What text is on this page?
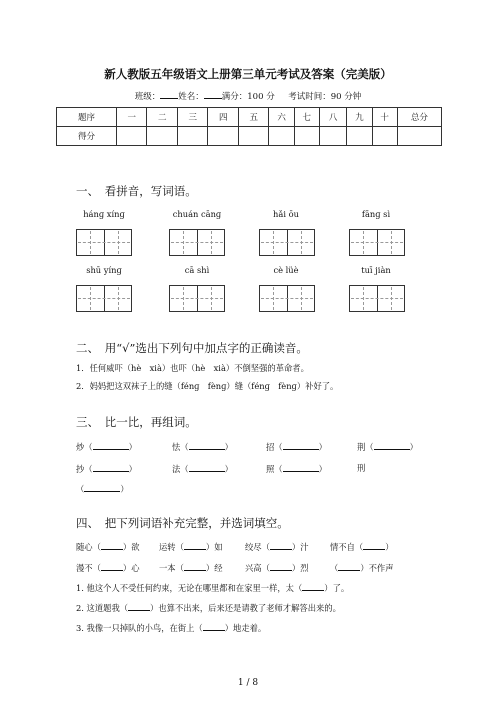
新人教版五年级语文上册第三单元考试及答案（完美版）
班级： 姓名： 满分：100 分 考试时间：90 分钟
题序	一	二	三	四	五	六	七	八	九	十	总分
得分											
一、　看拼音，写词语。
hánɡ xínɡ	chuán cānɡ	hǎi ōu	fānɡ sì
shū yínɡ	cā shì	cè lüè	tuī jiàn
二、　用“√”选出下列句中加点字的正确读音。
1．任何威吓（hè　xià）也吓（hè　xià）不倒坚强的革命者。
2．妈妈把这双袜子上的缝（fénɡ　fènɡ）缝（fénɡ　fènɡ）补好了。
三、　比一比，再组词。
炒（	）	怯（	）	招（	）	荆（	）
抄（	）	法（	）	照（	）	刑
（	）
四、　把下列词语补充完整，并选词填空。
随心（	）欲 运转（	）如	绞尽（	）汁	情不自（	）
漫不（	）心 一本（	）经	兴高（	）烈	（	）不作声
1. 他这个人不受任何约束，无论在哪里都和在家里一样，太（	）了。
2. 这道题我（	）也算不出来，后来还是请教了老师才解答出来的。
3. 我像一只掉队的小鸟，在街上（	）地走着。
1 / 8
